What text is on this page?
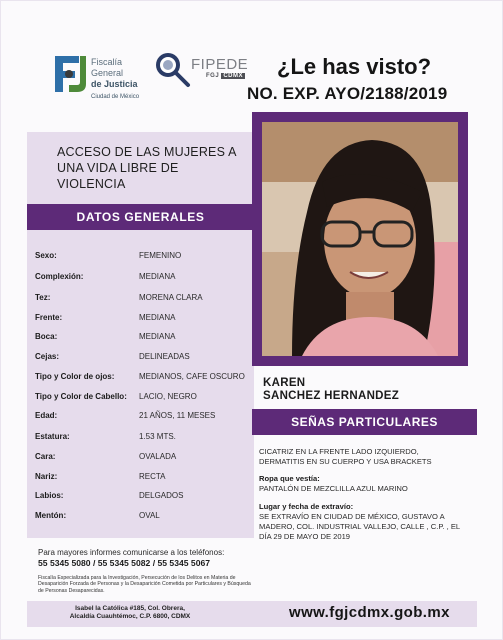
Fiscalía
General
de Justicia
Ciudad de México
FIPEDE
FGJ CDMX ¿Le has visto?
NO. EXP. AYO/2188/2019
ACCESO DE LAS MUJERES A UNA VIDA LIBRE DE VIOLENCIA
DATOS GENERALES
Sexo:	FEMENINO
Complexión:	MEDIANA
Tez:	MORENA CLARA
Frente:	MEDIANA
Boca:	MEDIANA
Cejas:	DELINEADAS
Tipo y Color de ojos:	MEDIANOS, CAFE OSCURO
Tipo y Color de Cabello: LACIO, NEGRO
Edad:	21 AÑOS, 11 MESES
Estatura:	1.53 MTS.
Cara:	OVALADA
Nariz:	RECTA
Labios:	DELGADOS
Mentón:	OVAL
KAREN
SANCHEZ HERNANDEZ
SEÑAS PARTICULARES
CICATRIZ EN LA FRENTE LADO IZQUIERDO,
DERMATITIS EN SU CUERPO Y USA BRACKETS
Ropa que vestía:
PANTALÓN DE MEZCLILLA AZUL MARINO
Lugar y fecha de extravío:
SE EXTRAVÍO EN CIUDAD DE MÉXICO, GUSTAVO A
MADERO, COL. INDUSTRIAL VALLEJO, CALLE , C.P. , EL
DÍA 29 DE MAYO DE 2019
Para mayores informes comunicarse a los teléfonos:
55 5345 5080 / 55 5345 5082 / 55 5345 5067
Fiscalía Especializada para la Investigación, Persecución de los Delitos en Materia de Desaparición Forzada de Personas y la Desaparición Cometida por Particulares y Búsqueda de Personas Desaparecidas.
Isabel la Católica #185, Col. Obrera,
Alcaldía Cuauhtémoc, C.P. 6800, CDMX	www.fgjcdmx.gob.mx
